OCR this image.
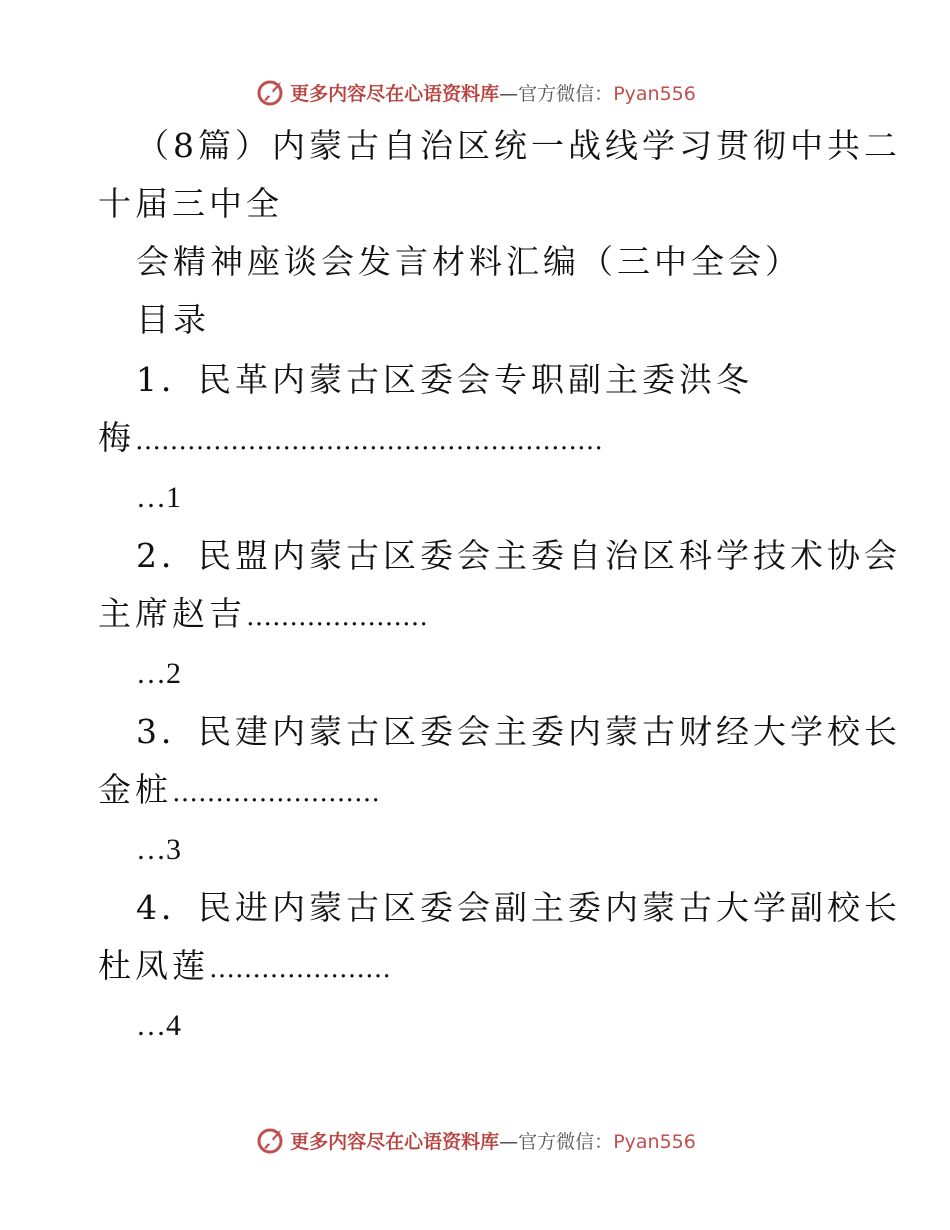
更多内容尽在心语资料库—官方微信：Pyan556
（8篇）内蒙古自治区统一战线学习贯彻中共二
十届三中全
会精神座谈会发言材料汇编（三中全会）
目录
1．民革内蒙古区委会专职副主委洪冬
梅………………………………………………
…1
2．民盟内蒙古区委会主委自治区科学技术协会
主席赵吉…………………
…2
3．民建内蒙古区委会主委内蒙古财经大学校长
金桩……………………
…3
4．民进内蒙古区委会副主委内蒙古大学副校长
杜凤莲…………………
…4
更多内容尽在心语资料库—官方微信：Pyan556
